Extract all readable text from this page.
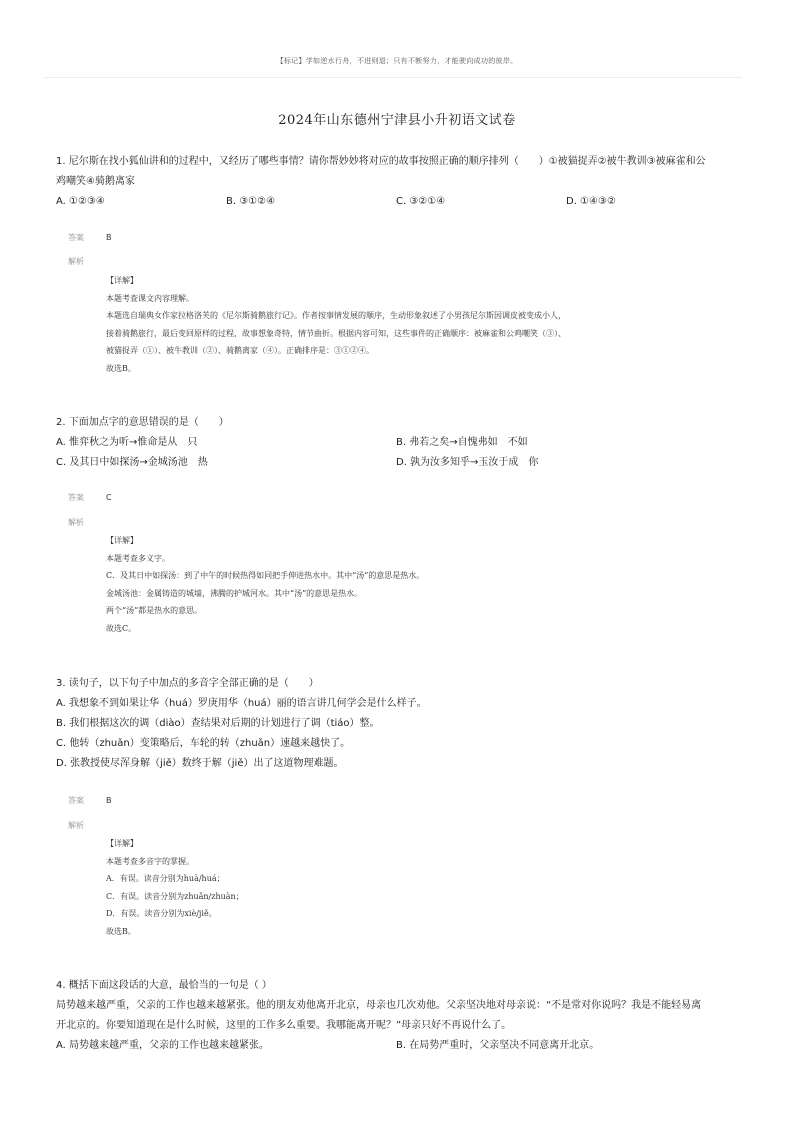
【标记】学如逆水行舟，不进则退；只有不断努力，才能驶向成功的彼岸。
2024年山东德州宁津县小升初语文试卷

1. 尼尔斯在找小狐仙讲和的过程中，又经历了哪些事情？请你帮妙妙将对应的故事按照正确的顺序排列（　　）①被猫捉弄②被牛教训③被麻雀和公

鸡嘲笑④骑鹅离家

A. ①②③④	B. ③①②④	C. ③②①④	D. ①④③②
答案	B
解析

【详解】

本题考查课文内容理解。

本题选自瑞典女作家拉格洛芙的《尼尔斯骑鹅旅行记》。作者按事情发展的顺序，生动形象叙述了小男孩尼尔斯因调皮被变成小人，

接着骑鹅旅行，最后变回原样的过程，故事想象奇特，情节曲折。根据内容可知，这些事件的正确顺序：被麻雀和公鸡嘲笑（③）、

被猫捉弄（①）、被牛教训（②）、骑鹅离家（④）。正确排序是：③①②④。

故选B。

2. 下面加点字的意思错误的是（　　）

A. 惟弈秋之为听→惟命是从　只	B. 弗若之矣→自愧弗如　不如
C. 及其日中如探汤→金城汤池　热	D. 孰为汝多知乎→玉汝于成　你
答案	C
解析

【详解】

本题考查多义字。

C．及其日中如探汤：到了中午的时候热得如同把手伸进热水中。其中“汤”的意思是热水。

金城汤池：金属铸造的城墙，沸腾的护城河水。其中“汤”的意思是热水。

两个“汤”都是热水的意思。

故选C。

3. 读句子，以下句子中加点的多音字全部正确的是（　　）

A. 我想象不到如果让华（huá）罗庚用华（huá）丽的语言讲几何学会是什么样子。
B. 我们根据这次的调（diào）查结果对后期的计划进行了调（tiáo）整。
C. 他转（zhuǎn）变策略后，车轮的转（zhuǎn）速越来越快了。
D. 张教授使尽浑身解（jiě）数终于解（jiě）出了这道物理难题。
答案	B
解析

【详解】

本题考查多音字的掌握。

A．有误。读音分别为huà/huá；

C．有误。读音分别为zhuǎn/zhuàn；

D．有误。读音分别为xiè/jiě。

故选B。

4. 概括下面这段话的大意，最恰当的一句是（ ）

局势越来越严重，父亲的工作也越来越紧张。他的朋友劝他离开北京，母亲也几次劝他。父亲坚决地对母亲说：“不是常对你说吗？我是不能轻易离

开北京的。你要知道现在是什么时候，这里的工作多么重要。我哪能离开呢？”母亲只好不再说什么了。

A. 局势越来越严重，父亲的工作也越来越紧张。	B. 在局势严重时，父亲坚决不同意离开北京。
